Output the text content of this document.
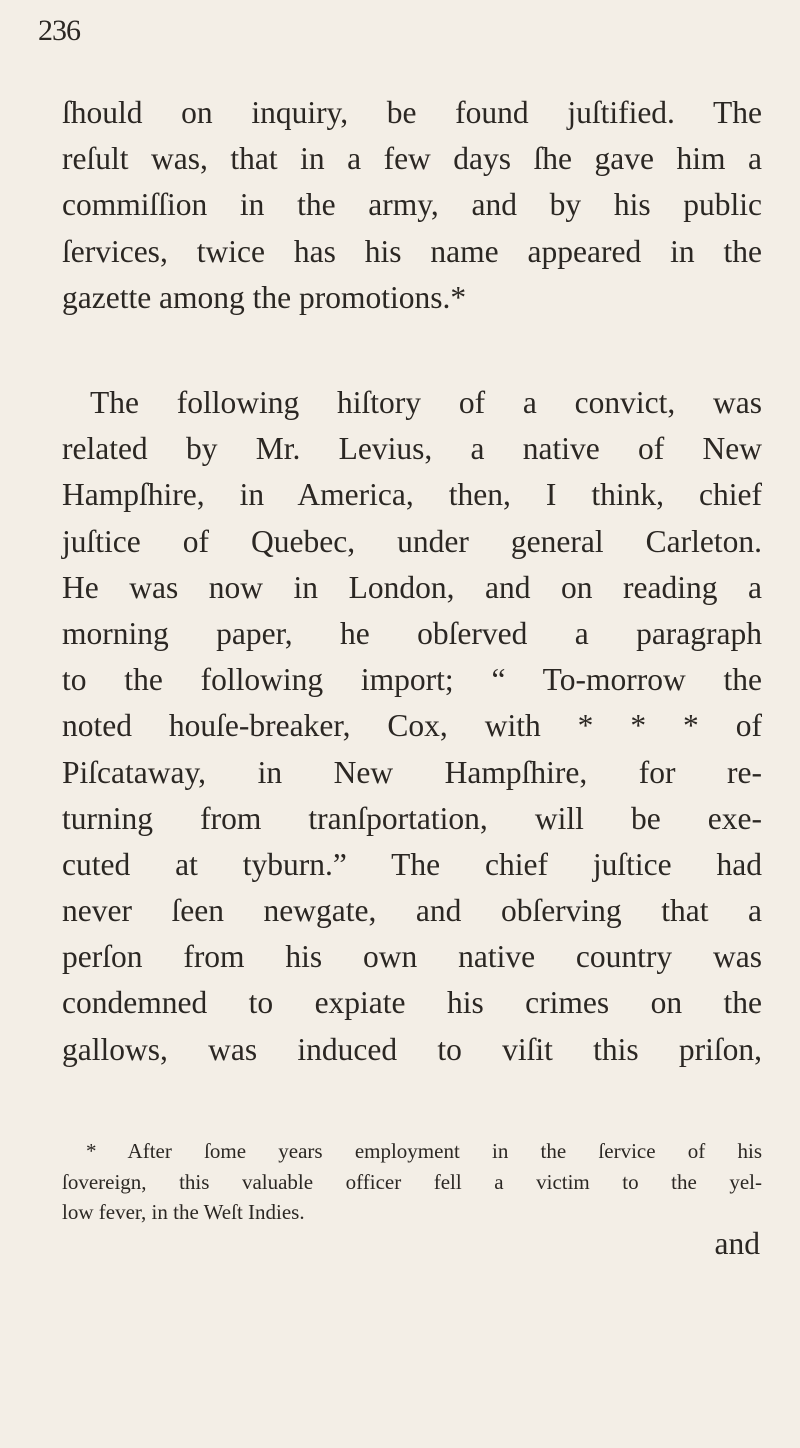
236
ſhould on inquiry, be found juſtified. The
reſult was, that in a few days ſhe gave him a
commiſſion in the army, and by his public
ſervices, twice has his name appeared in the
gazette among the promotions.*
The following hiſtory of a convict, was
related by Mr. Levius, a native of New
Hampſhire, in America, then, I think, chief
juſtice of Quebec, under general Carleton.
He was now in London, and on reading a
morning paper, he obſerved a paragraph
to the following import; “ To-morrow the
noted houſe-breaker, Cox, with * * * of
Piſcataway, in New Hampſhire, for re-
turning from tranſportation, will be exe-
cuted at tyburn.” The chief juſtice had
never ſeen newgate, and obſerving that a
perſon from his own native country was
condemned to expiate his crimes on the
gallows, was induced to viſit this priſon,
* After ſome years employment in the ſervice of his
ſovereign, this valuable officer fell a victim to the yel-
low fever, in the Weſt Indies.
and
